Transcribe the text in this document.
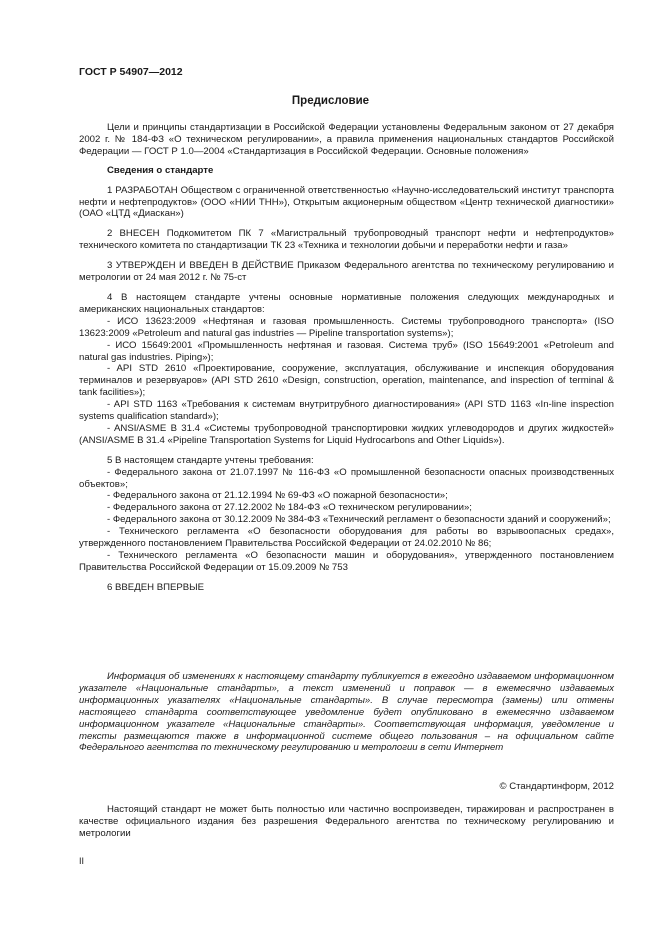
ГОСТ Р 54907—2012
Предисловие

Цели и принципы стандартизации в Российской Федерации установлены Федеральным законом от 27 декабря 2002 г. № 184-ФЗ «О техническом регулировании», а правила применения национальных стандартов Российской Федерации — ГОСТ Р 1.0—2004 «Стандартизация в Российской Федерации. Основные положения»

Сведения о стандарте

1 РАЗРАБОТАН Обществом с ограниченной ответственностью «Научно-исследовательский институт транспорта нефти и нефтепродуктов» (ООО «НИИ ТНН»), Открытым акционерным обществом «Центр технической диагностики» (ОАО «ЦТД «Диаскан»)

2 ВНЕСЕН Подкомитетом ПК 7 «Магистральный трубопроводный транспорт нефти и нефтепродуктов» технического комитета по стандартизации ТК 23 «Техника и технологии добычи и переработки нефти и газа»

3 УТВЕРЖДЕН И ВВЕДЕН В ДЕЙСТВИЕ Приказом Федерального агентства по техническому регулированию и метрологии от 24 мая 2012 г. № 75-ст

4 В настоящем стандарте учтены основные нормативные положения следующих международных и американских национальных стандартов:

- ИСО 13623:2009 «Нефтяная и газовая промышленность. Системы трубопроводного транспорта» (ISO 13623:2009 «Petroleum and natural gas industries — Pipeline transportation systems»);

- ИСО 15649:2001 «Промышленность нефтяная и газовая. Система труб» (ISO 15649:2001 «Petroleum and natural gas industries. Piping»);

- API STD 2610 «Проектирование, сооружение, эксплуатация, обслуживание и инспекция оборудования терминалов и резервуаров» (API STD 2610 «Design, construction, operation, maintenance, and inspection of terminal & tank facilities»);

- API STD 1163 «Требования к системам внутритрубного диагностирования» (API STD 1163 «In-line inspection systems qualification standard»);

- ANSI/ASME B 31.4 «Системы трубопроводной транспортировки жидких углеводородов и других жидкостей» (ANSI/ASME B 31.4 «Pipeline Transportation Systems for Liquid Hydrocarbons and Other Liquids»).

5 В настоящем стандарте учтены требования:

- Федерального закона от 21.07.1997 № 116-ФЗ «О промышленной безопасности опасных производственных объектов»;

- Федерального закона от 21.12.1994 № 69-ФЗ «О пожарной безопасности»;

- Федерального закона от 27.12.2002 № 184-ФЗ «О техническом регулировании»;

- Федерального закона от 30.12.2009 № 384-ФЗ «Технический регламент о безопасности зданий и сооружений»;

- Технического регламента «О безопасности оборудования для работы во взрывоопасных средах», утвержденного постановлением Правительства Российской Федерации от 24.02.2010 № 86;

- Технического регламента «О безопасности машин и оборудования», утвержденного постановлением Правительства Российской Федерации от 15.09.2009 № 753

6 ВВЕДЕН ВПЕРВЫЕ

Информация об изменениях к настоящему стандарту публикуется в ежегодно издаваемом информационном указателе «Национальные стандарты», а текст изменений и поправок — в ежемесячно издаваемых информационных указателях «Национальные стандарты». В случае пересмотра (замены) или отмены настоящего стандарта соответствующее уведомление будет опубликовано в ежемесячно издаваемом информационном указателе «Национальные стандарты». Соответствующая информация, уведомление и тексты размещаются также в информационной системе общего пользования – на официальном сайте Федерального агентства по техническому регулированию и метрологии в сети Интернет

© Стандартинформ, 2012

Настоящий стандарт не может быть полностью или частично воспроизведен, тиражирован и распространен в качестве официального издания без разрешения Федерального агентства по техническому регулированию и метрологии

II
